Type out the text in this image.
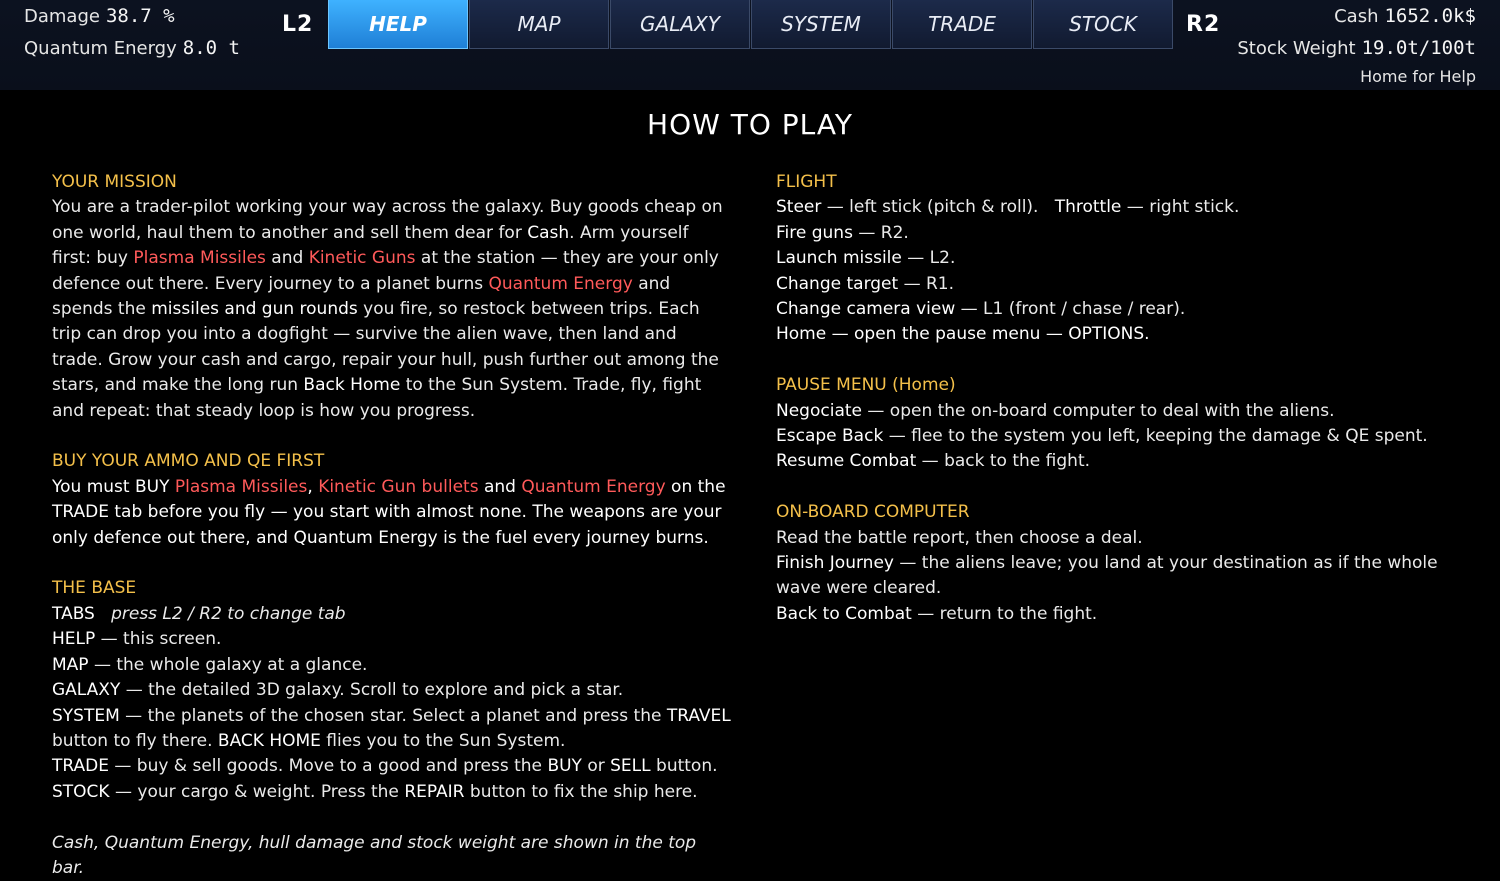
Damage 38.7 %
Quantum Energy 8.0 t
L2	HELP	MAP	GALAXY	SYSTEM	TRADE	STOCK	R2	Cash 1652.0k$
Stock Weight 19.0t/100t
Home for Help
HOW TO PLAY

YOUR MISSION

You are a trader-pilot working your way across the galaxy. Buy goods cheap on one world, haul them to another and sell them dear for Cash. Arm yourself first: buy Plasma Missiles and Kinetic Guns at the station — they are your only defence out there. Every journey to a planet burns Quantum Energy and spends the missiles and gun rounds you fire, so restock between trips. Each trip can drop you into a dogfight — survive the alien wave, then land and trade. Grow your cash and cargo, repair your hull, push further out among the stars, and make the long run Back Home to the Sun System. Trade, fly, fight and repeat: that steady loop is how you progress.

BUY YOUR AMMO AND QE FIRST

You must BUY Plasma Missiles, Kinetic Gun bullets and Quantum Energy on the TRADE tab before you fly — you start with almost none. The weapons are your only defence out there, and Quantum Energy is the fuel every journey burns.

THE BASE

TABS press L2 / R2 to change tab

HELP — this screen.

MAP — the whole galaxy at a glance.

GALAXY — the detailed 3D galaxy. Scroll to explore and pick a star.

SYSTEM — the planets of the chosen star. Select a planet and press the TRAVEL button to fly there. BACK HOME flies you to the Sun System.

TRADE — buy & sell goods. Move to a good and press the BUY or SELL button.

STOCK — your cargo & weight. Press the REPAIR button to fix the ship here.

Cash, Quantum Energy, hull damage and stock weight are shown in the top bar.

FLIGHT

Steer — left stick (pitch & roll). Throttle — right stick.

Fire guns — R2.

Launch missile — L2.

Change target — R1.

Change camera view — L1 (front / chase / rear).

Home — open the pause menu — OPTIONS.

PAUSE MENU (Home)

Negociate — open the on-board computer to deal with the aliens.

Escape Back — flee to the system you left, keeping the damage & QE spent.

Resume Combat — back to the fight.

ON-BOARD COMPUTER

Read the battle report, then choose a deal.

Finish Journey — the aliens leave; you land at your destination as if the whole wave were cleared.

Back to Combat — return to the fight.
